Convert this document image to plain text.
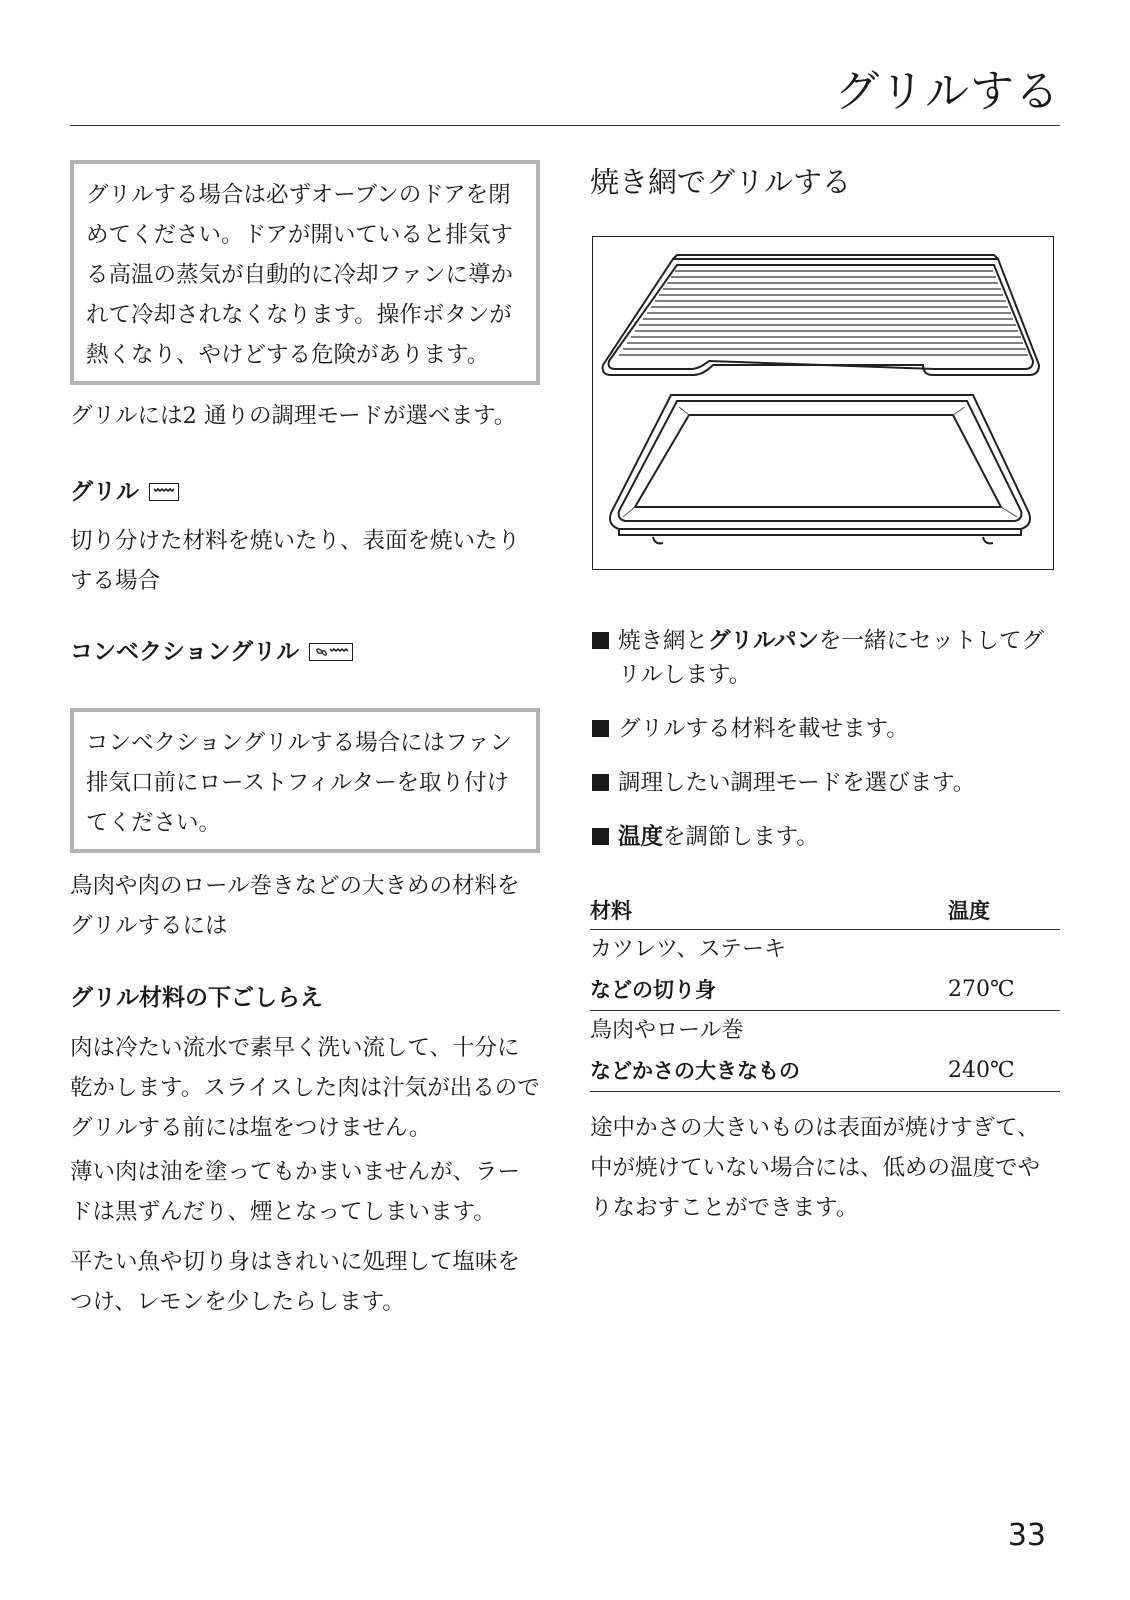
グリルする
グリルする場合は必ずオーブンのドアを閉めてください。ドアが開いていると排気する高温の蒸気が自動的に冷却ファンに導かれて冷却されなくなります。操作ボタンが熱くなり、やけどする危険があります。

グリルには2 通りの調理モードが選べます。

グリル

切り分けた材料を焼いたり、表面を焼いたりする場合

コンベクショングリル
コンベクショングリルする場合にはファン排気口前にローストフィルターを取り付けてください。

鳥肉や肉のロール巻きなどの大きめの材料をグリルするには

グリル材料の下ごしらえ

肉は冷たい流水で素早く洗い流して、十分に乾かします。スライスした肉は汁気が出るのでグリルする前には塩をつけません。

薄い肉は油を塗ってもかまいませんが、ラードは黒ずんだり、煙となってしまいます。

平たい魚や切り身はきれいに処理して塩味をつけ、レモンを少したらします。

焼き網でグリルする
焼き網とグリルパンを一緒にセットしてグリルします。
グリルする材料を載せます。
調理したい調理モードを選びます。
温度を調節します。
材料	温度
カツレツ、ステーキ	
などの切り身	270℃
鳥肉やロール巻	
などかさの大きなもの	240℃

途中かさの大きいものは表面が焼けすぎて、中が焼けていない場合には、低めの温度でやりなおすことができます。

33
